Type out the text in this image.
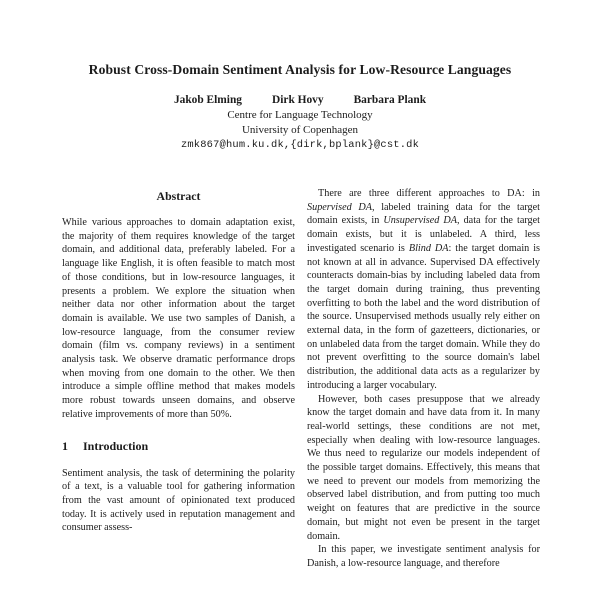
Robust Cross-Domain Sentiment Analysis for Low-Resource Languages
Jakob Elming	Dirk Hovy	Barbara Plank
Centre for Language Technology
University of Copenhagen
zmk867@hum.ku.dk,{dirk,bplank}@cst.dk
Abstract

While various approaches to domain adaptation exist, the majority of them requires knowledge of the target domain, and additional data, preferably labeled. For a language like English, it is often feasible to match most of those conditions, but in low-resource languages, it presents a problem. We explore the situation when neither data nor other information about the target domain is available. We use two samples of Danish, a low-resource language, from the consumer review domain (film vs. company reviews) in a sentiment analysis task. We observe dramatic performance drops when moving from one domain to the other. We then introduce a simple offline method that makes models more robust towards unseen domains, and observe relative improvements of more than 50%.

1 Introduction

Sentiment analysis, the task of determining the polarity of a text, is a valuable tool for gathering information from the vast amount of opinionated text produced today. It is actively used in reputation management and consumer assess-

There are three different approaches to DA: in Supervised DA, labeled training data for the target domain exists, in Unsupervised DA, data for the target domain exists, but it is unlabeled. A third, less investigated scenario is Blind DA: the target domain is not known at all in advance. Supervised DA effectively counteracts domain-bias by including labeled data from the target domain during training, thus preventing overfitting to both the label and the word distribution of the source. Unsupervised methods usually rely either on external data, in the form of gazetteers, dictionaries, or on unlabeled data from the target domain. While they do not prevent overfitting to the source domain's label distribution, the additional data acts as a regularizer by introducing a larger vocabulary.

However, both cases presuppose that we already know the target domain and have data from it. In many real-world settings, these conditions are not met, especially when dealing with low-resource languages. We thus need to regularize our models independent of the possible target domains. Effectively, this means that we need to prevent our models from memorizing the observed label distribution, and from putting too much weight on features that are predictive in the source domain, but might not even be present in the target domain.

In this paper, we investigate sentiment analysis for Danish, a low-resource language, and therefore
